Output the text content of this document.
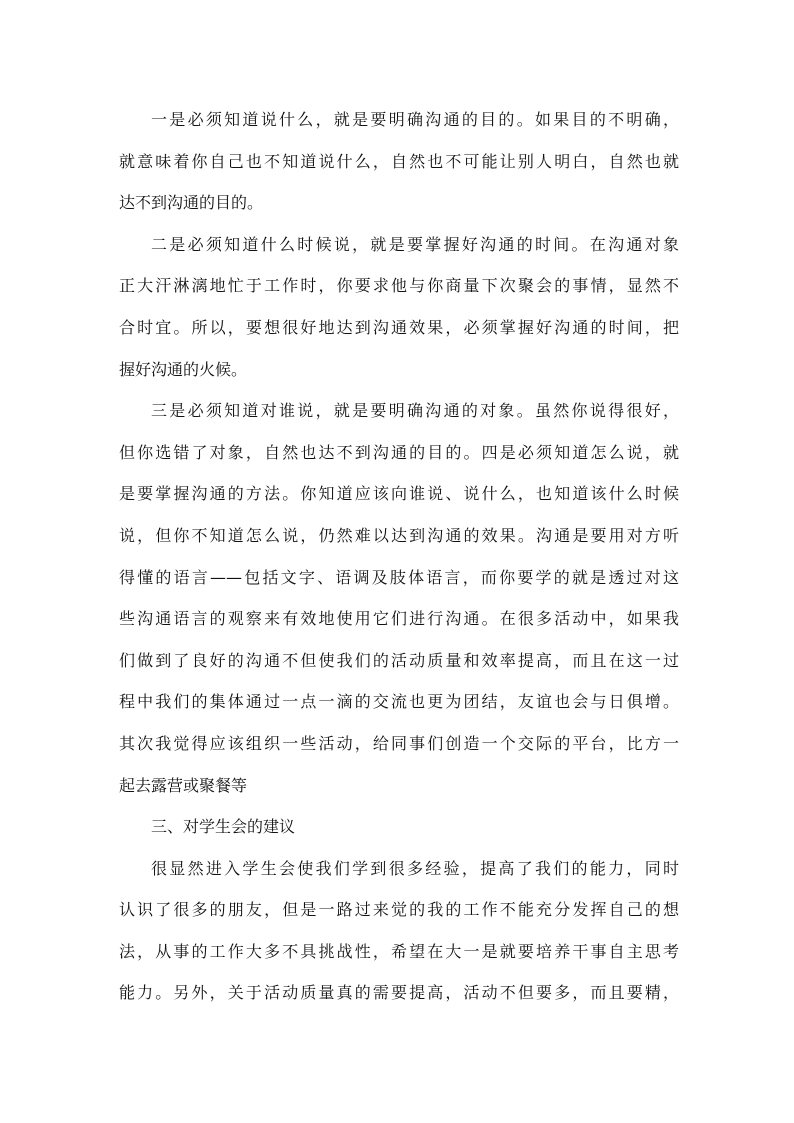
一是必须知道说什么，就是要明确沟通的目的。如果目的不明确，
就意味着你自己也不知道说什么，自然也不可能让别人明白，自然也就
达不到沟通的目的。
二是必须知道什么时候说，就是要掌握好沟通的时间。在沟通对象
正大汗淋漓地忙于工作时，你要求他与你商量下次聚会的事情，显然不
合时宜。所以，要想很好地达到沟通效果，必须掌握好沟通的时间，把
握好沟通的火候。
三是必须知道对谁说，就是要明确沟通的对象。虽然你说得很好，
但你选错了对象，自然也达不到沟通的目的。四是必须知道怎么说，就
是要掌握沟通的方法。你知道应该向谁说、说什么，也知道该什么时候
说，但你不知道怎么说，仍然难以达到沟通的效果。沟通是要用对方听
得懂的语言——包括文字、语调及肢体语言，而你要学的就是透过对这
些沟通语言的观察来有效地使用它们进行沟通。在很多活动中，如果我
们做到了良好的沟通不但使我们的活动质量和效率提高，而且在这一过
程中我们的集体通过一点一滴的交流也更为团结，友谊也会与日俱增。
其次我觉得应该组织一些活动，给同事们创造一个交际的平台，比方一
起去露营或聚餐等
三、对学生会的建议
很显然进入学生会使我们学到很多经验，提高了我们的能力，同时
认识了很多的朋友，但是一路过来觉的我的工作不能充分发挥自己的想
法，从事的工作大多不具挑战性，希望在大一是就要培养干事自主思考
能力。另外，关于活动质量真的需要提高，活动不但要多，而且要精，
